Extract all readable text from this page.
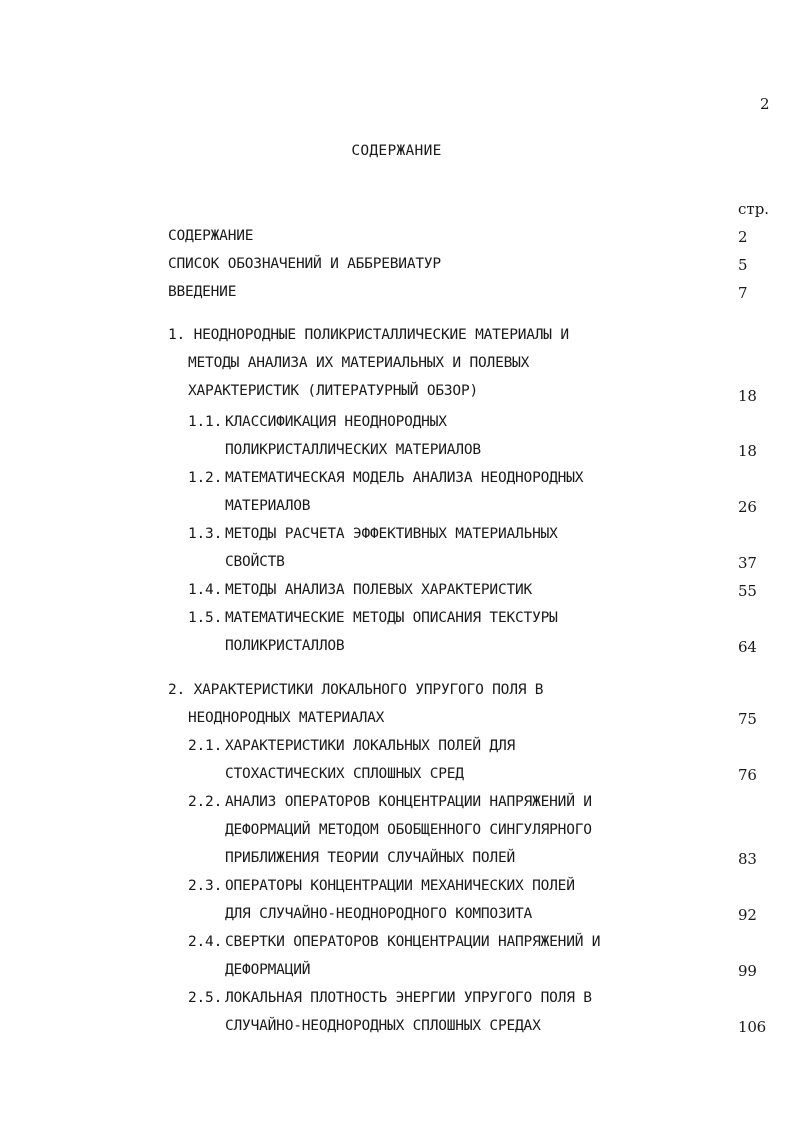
2
СОДЕРЖАНИЕ
стр.
СОДЕРЖАНИЕ	2
СПИСОК ОБОЗНАЧЕНИЙ И АББРЕВИАТУР	5
ВВЕДЕНИЕ	7
1. НЕОДНОРОДНЫЕ ПОЛИКРИСТАЛЛИЧЕСКИЕ МАТЕРИАЛЫ И
МЕТОДЫ АНАЛИЗА ИХ МАТЕРИАЛЬНЫХ И ПОЛЕВЫХ
ХАРАКТЕРИСТИК (ЛИТЕРАТУРНЫЙ ОБЗОР)	18
1.1. КЛАССИФИКАЦИЯ НЕОДНОРОДНЫХ
ПОЛИКРИСТАЛЛИЧЕСКИХ МАТЕРИАЛОВ	18
1.2. МАТЕМАТИЧЕСКАЯ МОДЕЛЬ АНАЛИЗА НЕОДНОРОДНЫХ
МАТЕРИАЛОВ	26
1.3. МЕТОДЫ РАСЧЕТА ЭФФЕКТИВНЫХ МАТЕРИАЛЬНЫХ
СВОЙСТВ	37
1.4. МЕТОДЫ АНАЛИЗА ПОЛЕВЫХ ХАРАКТЕРИСТИК	55
1.5. МАТЕМАТИЧЕСКИЕ МЕТОДЫ ОПИСАНИЯ ТЕКСТУРЫ
ПОЛИКРИСТАЛЛОВ	64
2. ХАРАКТЕРИСТИКИ ЛОКАЛЬНОГО УПРУГОГО ПОЛЯ В
НЕОДНОРОДНЫХ МАТЕРИАЛАХ	75
2.1. ХАРАКТЕРИСТИКИ ЛОКАЛЬНЫХ ПОЛЕЙ ДЛЯ
СТОХАСТИЧЕСКИХ СПЛОШНЫХ СРЕД	76
2.2. АНАЛИЗ ОПЕРАТОРОВ КОНЦЕНТРАЦИИ НАПРЯЖЕНИЙ И
ДЕФОРМАЦИЙ МЕТОДОМ ОБОБЩЕННОГО СИНГУЛЯРНОГО
ПРИБЛИЖЕНИЯ ТЕОРИИ СЛУЧАЙНЫХ ПОЛЕЙ	83
2.3. ОПЕРАТОРЫ КОНЦЕНТРАЦИИ МЕХАНИЧЕСКИХ ПОЛЕЙ
ДЛЯ СЛУЧАЙНО-НЕОДНОРОДНОГО КОМПОЗИТА	92
2.4. СВЕРТКИ ОПЕРАТОРОВ КОНЦЕНТРАЦИИ НАПРЯЖЕНИЙ И
ДЕФОРМАЦИЙ	99
2.5. ЛОКАЛЬНАЯ ПЛОТНОСТЬ ЭНЕРГИИ УПРУГОГО ПОЛЯ В
СЛУЧАЙНО-НЕОДНОРОДНЫХ СПЛОШНЫХ СРЕДАХ	106
